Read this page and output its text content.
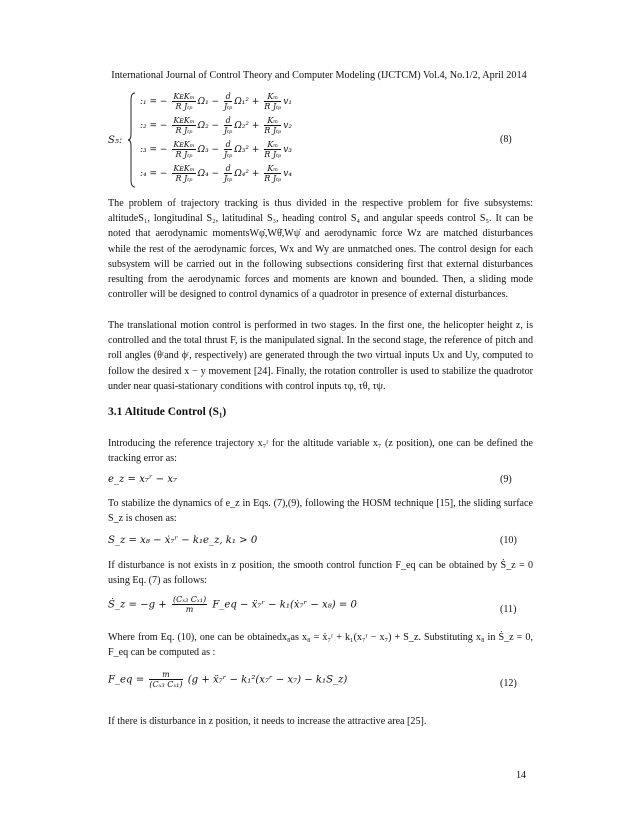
International Journal of Control Theory and Computer Modeling (IJCTCM) Vol.4, No.1/2, April 2014
S₅:
:₁ = − $\frac{\text{KᴇKₘ}}{\text{R Jₜₚ}} \Omega_1 - \frac{d}{\text{Jₜₚ}} \Omega_1^2 + \frac{\text{Kₘ}}{\text{R Jₜₚ}} v_1$
:₂ = − $\frac{\text{KᴇKₘ}}{\text{R Jₜₚ}} \Omega_2 - \frac{d}{\text{Jₜₚ}} \Omega_2^2 + \frac{\text{Kₘ}}{\text{R Jₜₚ}} v_2$
:₃ = − $\frac{\text{KᴇKₘ}}{\text{R Jₜₚ}} \Omega_3 - \frac{d}{\text{Jₜₚ}} \Omega_3^2 + \frac{\text{Kₘ}}{\text{R Jₜₚ}} v_3$
:₄ = − $\frac{\text{KᴇKₘ}}{\text{R Jₜₚ}} \Omega_4 - \frac{d}{\text{Jₜₚ}} \Omega_4^2 + \frac{\text{Kₘ}}{\text{R Jₜₚ}} v_4$
(8)

The problem of trajectory tracking is thus divided in the respective problem for five subsystems: altitudeS₁, longitudinal S₂, latitudinal S₃, heading control S₄ and angular speeds control S₅. It can be noted that aerodynamic momentsWφ̇,Wθ̇,Wψ̇ and aerodynamic force Wz are matched disturbances while the rest of the aerodynamic forces, Wx and Wy are unmatched ones. The control design for each subsystem will be carried out in the following subsections considering first that external disturbances resulting from the aerodynamic forces and moments are known and bounded. Then, a sliding mode controller will be designed to control dynamics of a quadrotor in presence of external disturbances.

The translational motion control is performed in two stages. In the first one, the helicopter height z, is controlled and the total thrust F, is the manipulated signal. In the second stage, the reference of pitch and roll angles (θʳand ϕʳ, respectively) are generated through the two virtual inputs Ux and Uy, computed to follow the desired x − y movement [24]. Finally, the rotation controller is used to stabilize the quadrotor under near quasi-stationary conditions with control inputs τφ, τθ, τψ.

3.1 Altitude Control (S₁)

Introducing the reference trajectory x₇ʳ for the altitude variable x₇ (z position), one can be defined the tracking error as:

e_z = x₇ʳ − x₇	(9)

To stabilize the dynamics of e_z in Eqs. (7),(9), following the HOSM technique [15], the sliding surface S_z is chosen as:

S_z = x₈ − ẋ₇ʳ − k₁e_z, k₁ > 0	(10)

If disturbance is not exists in z position, the smooth control function F_eq can be obtained by Ṡ_z = 0 using Eq. (7) as follows:

Ṡ_z = $-g + \frac{\text{(Cₓ₃ Cₓ₁)}}{m}$ F_eq − ẍ₇ʳ − k₁(ẋ₇ʳ − x₈) = 0	(11)

Where from Eq. (10), one can be obtainedx₈as x₈ = ẋ₇ʳ + k₁(x₇ʳ − x₇) + S_z. Substituting x₈ in Ṡ_z = 0, F_eq can be computed as :

F_eq = $\frac{m}{\text{(Cₓ₃ Cₓ₁)}} (g$ + ẍ₇ʳ − k₁²(x₇ʳ − x₇) − k₁S_z)	(12)

If there is disturbance in z position, it needs to increase the attractive area [25].

14
